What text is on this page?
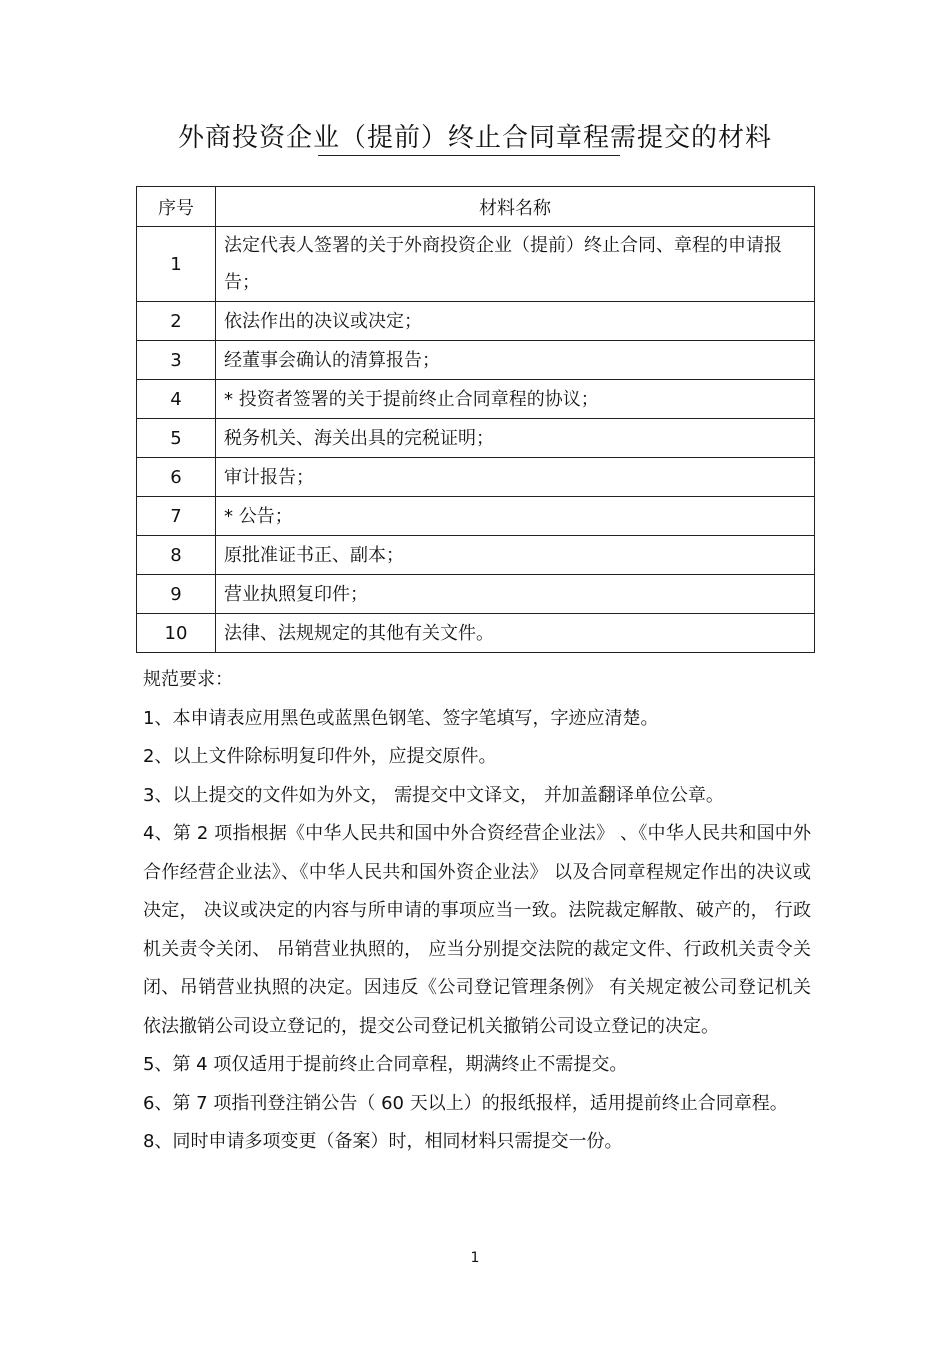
外商投资企业（提前）终止合同章程需提交的材料
序号	材料名称
1	法定代表人签署的关于外商投资企业（提前）终止合同、章程的申请报告；
2	依法作出的决议或决定；
3	经董事会确认的清算报告；
4	* 投资者签署的关于提前终止合同章程的协议；
5	税务机关、海关出具的完税证明；
6	审计报告；
7	* 公告；
8	原批准证书正、副本；
9	营业执照复印件；
10	法律、法规规定的其他有关文件。

规范要求：

1、本申请表应用黑色或蓝黑色钢笔、签字笔填写，字迹应清楚。

2、以上文件除标明复印件外，应提交原件。

3、以上提交的文件如为外文， 需提交中文译文， 并加盖翻译单位公章。

4、第 2 项指根据《中华人民共和国中外合资经营企业法》 、《中华人民共和国中外合作经营企业法》、《中华人民共和国外资企业法》 以及合同章程规定作出的决议或决定， 决议或决定的内容与所申请的事项应当一致。法院裁定解散、破产的， 行政机关责令关闭、 吊销营业执照的， 应当分别提交法院的裁定文件、行政机关责令关闭、吊销营业执照的决定。因违反《公司登记管理条例》 有关规定被公司登记机关依法撤销公司设立登记的，提交公司登记机关撤销公司设立登记的决定。

5、第 4 项仅适用于提前终止合同章程，期满终止不需提交。

6、第 7 项指刊登注销公告（ 60 天以上）的报纸报样，适用提前终止合同章程。

8、同时申请多项变更（备案）时，相同材料只需提交一份。

1
